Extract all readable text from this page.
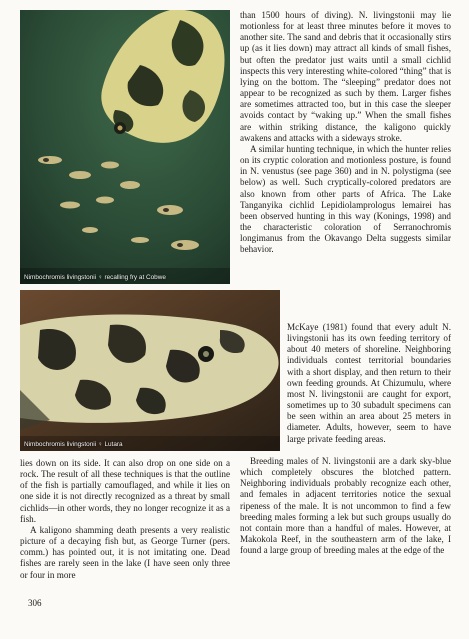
Nimbochromis livingstonii ♀ recalling fry at Cobwe
Nimbochromis livingstonii ♀ Lutara

than 1500 hours of diving). N. livingstonii may lie motionless for at least three minutes before it moves to another site. The sand and debris that it occasionally stirs up (as it lies down) may attract all kinds of small fishes, but often the predator just waits until a small cichlid inspects this very interesting white-colored “thing” that is lying on the bottom. The “sleeping” predator does not appear to be recognized as such by them. Larger fishes are sometimes attracted too, but in this case the sleeper avoids contact by “waking up.” When the small fishes are within striking distance, the kaligono quickly awakens and attacks with a sideways stroke.

A similar hunting technique, in which the hunter relies on its cryptic coloration and motionless posture, is found in N. venustus (see page 360) and in N. polystigma (see below) as well. Such cryptically-colored predators are also known from other parts of Africa. The Lake Tanganyika cichlid Lepidiolamprologus lemairei has been observed hunting in this way (Konings, 1998) and the characteristic coloration of Serranochromis longimanus from the Okavango Delta suggests similar behavior.

McKaye (1981) found that every adult N. livingstonii has its own feeding territory of about 40 meters of shoreline. Neighboring individuals contest territorial boundaries with a short display, and then return to their own feeding grounds. At Chizumulu, where most N. livingstonii are caught for export, sometimes up to 30 subadult specimens can be seen within an area about 25 meters in diameter. Adults, however, seem to have large private feeding areas.

Breeding males of N. livingstonii are a dark sky-blue which completely obscures the blotched pattern. Neighboring individuals probably recognize each other, and females in adjacent territories notice the sexual ripeness of the male. It is not uncommon to find a few breeding males forming a lek but such groups usually do not contain more than a handful of males. However, at Makokola Reef, in the southeastern arm of the lake, I found a large group of breeding males at the edge of the

lies down on its side. It can also drop on one side on a rock. The result of all these techniques is that the outline of the fish is partially camouflaged, and while it lies on one side it is not directly recognized as a threat by small cichlids—in other words, they no longer recognize it as a fish.

A kaligono shamming death presents a very realistic picture of a decaying fish but, as George Turner (pers. comm.) has pointed out, it is not imitating one. Dead fishes are rarely seen in the lake (I have seen only three or four in more

306
